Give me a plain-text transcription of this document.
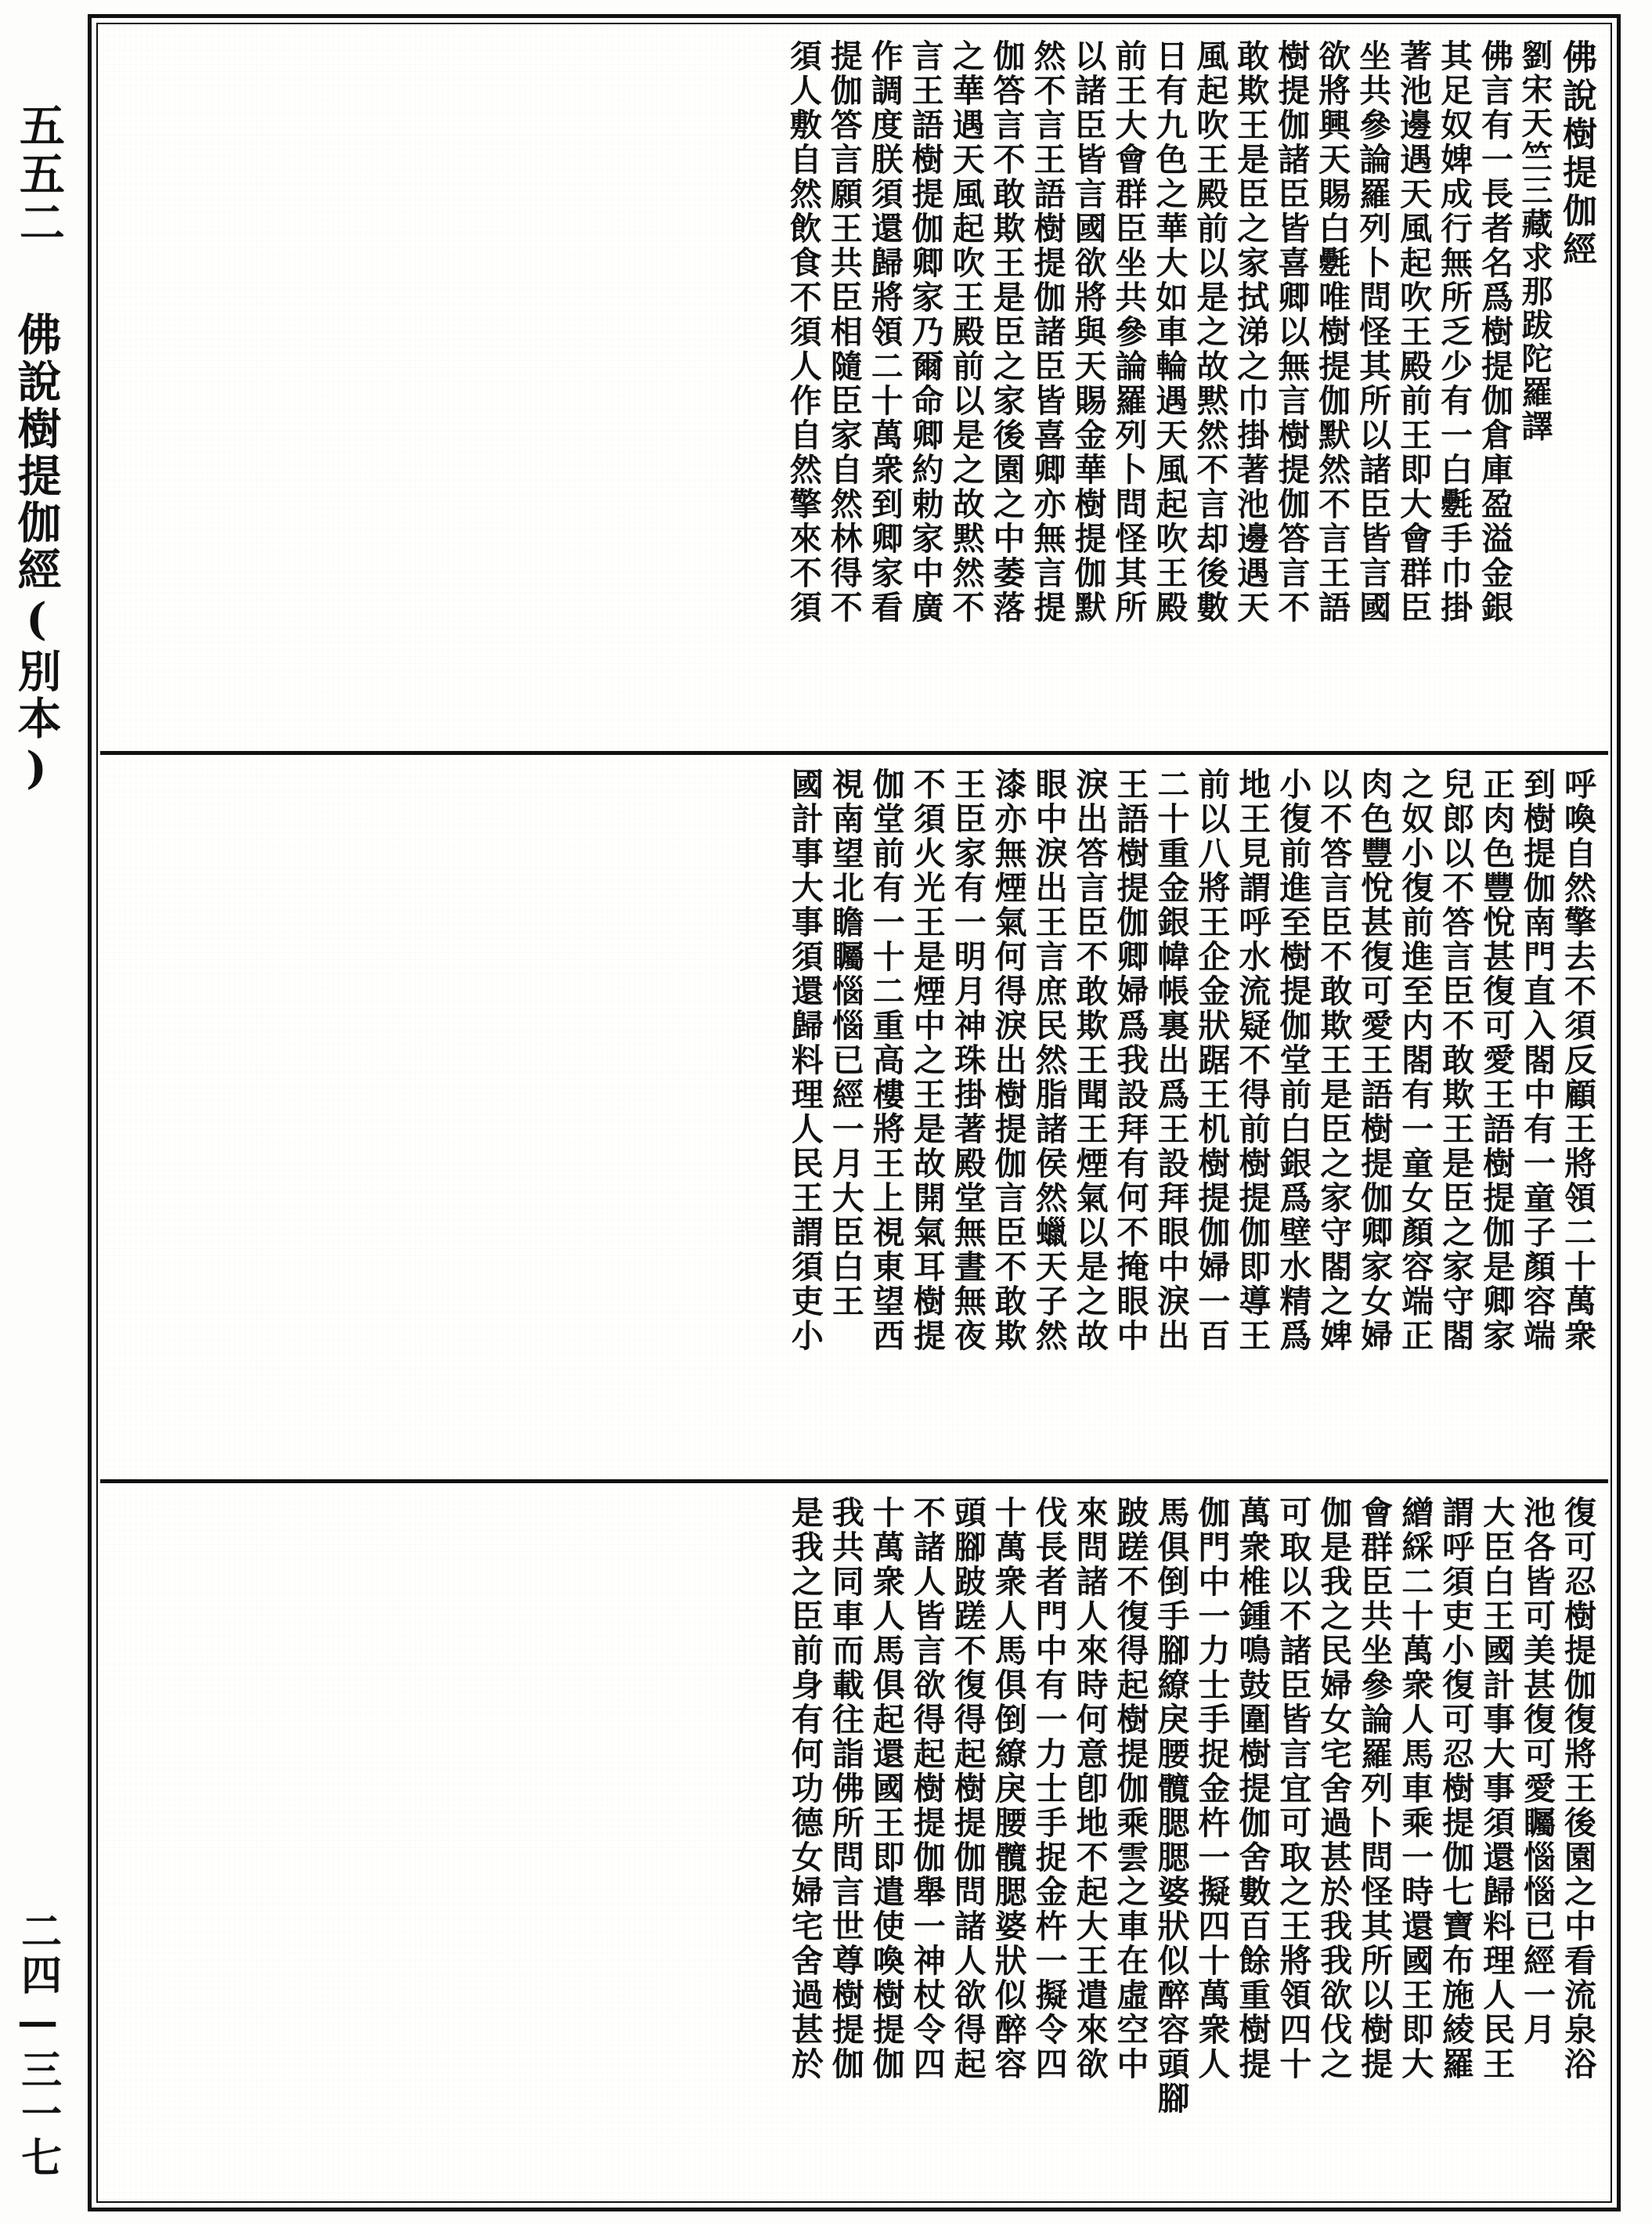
五五二
佛說樹提伽經(別本)
二四—三一七
佛說樹提伽經
劉宋天竺三藏求那跋陀羅譯
佛言有一長者名爲樹提伽倉庫盈溢金銀
其足奴婢成行無所乏少有一白氎手巾掛
著池邊遇天風起吹王殿前王即大會群臣
坐共參論羅列卜問怪其所以諸臣皆言國
欲將興天賜白氎唯樹提伽默然不言王語
樹提伽諸臣皆喜卿以無言樹提伽答言不
敢欺王是臣之家拭涕之巾掛著池邊遇天
風起吹王殿前以是之故黙然不言却後數
日有九色之華大如車輪遇天風起吹王殿
前王大會群臣坐共參論羅列卜問怪其所
以諸臣皆言國欲將與天賜金華樹提伽默
然不言王語樹提伽諸臣皆喜卿亦無言提
伽答言不敢欺王是臣之家後園之中萎落
之華遇天風起吹王殿前以是之故黙然不
言王語樹提伽卿家乃爾命卿約勅家中廣
作調度朕須還歸將領二十萬衆到卿家看
提伽答言願王共臣相隨臣家自然林得不
須人敷自然飲食不須人作自然擎來不須
呼喚自然擎去不須反顧王將領二十萬衆
到樹提伽南門直入閤中有一童子顏容端
正肉色豐悅甚復可愛王語樹提伽是卿家
兒郎以不答言臣不敢欺王是臣之家守閤
之奴小復前進至内閤有一童女顏容端正
肉色豐悅甚復可愛王語樹提伽卿家女婦
以不答言臣不敢欺王是臣之家守閤之婢
小復前進至樹提伽堂前白銀爲壁水精爲
地王見謂呼水流疑不得前樹提伽即導王
前以八將王企金狀踞王机樹提伽婦一百
二十重金銀幃帳裏出爲王設拜眼中淚出
王語樹提伽卿婦爲我設拜有何不掩眼中
淚出答言臣不敢欺王聞王煙氣以是之故
眼中淚出王言庶民然脂諸侯然蠟天子然
漆亦無煙氣何得淚出樹提伽言臣不敢欺
王臣家有一明月神珠掛著殿堂無晝無夜
不須火光王是煙中之王是故開氣耳樹提
伽堂前有一十二重高樓將王上視東望西
視南望北瞻矚惱惱已經一月大臣白王
國計事大事須還歸料理人民王謂須吏小
復可忍樹提伽復將王後園之中看流泉浴
池各皆可美甚復可愛矚惱惱已經一月
大臣白王國計事大事須還歸料理人民王
謂呼須吏小復可忍樹提伽七寶布施綾羅
繒綵二十萬衆人馬車乘一時還國王即大
會群臣共坐參論羅列卜問怪其所以樹提
伽是我之民婦女宅舍過甚於我我欲伐之
可取以不諸臣皆言宜可取之王將領四十
萬衆椎鍾鳴鼓圍樹提伽舍數百餘重樹提
伽門中一力士手捉金杵一擬四十萬衆人
馬俱倒手腳繚戾腰髖腮腮婆狀似醉容頭腳
跛蹉不復得起樹提伽乘雲之車在虛空中
來問諸人來時何意卽地不起大王遣來欲
伐長者門中有一力士手捉金杵一擬令四
十萬衆人馬俱倒繚戾腰髖腮婆狀似醉容
頭腳跛蹉不復得起樹提伽問諸人欲得起
不諸人皆言欲得起樹提伽舉一神杖令四
十萬衆人馬俱起還國王即遣使喚樹提伽
我共同車而載往詣佛所問言世尊樹提伽
是我之臣前身有何功德女婦宅舍過甚於
